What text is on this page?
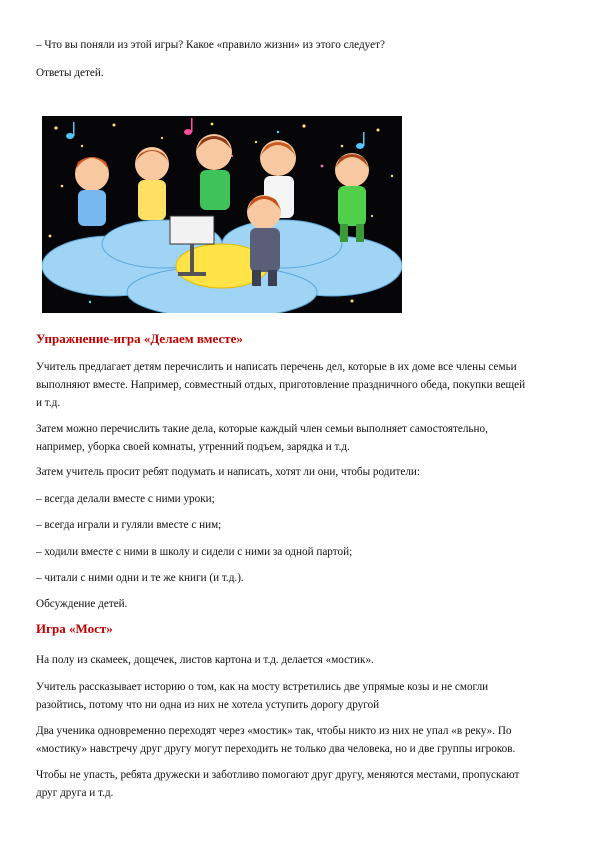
– Что вы поняли из этой игры? Какое «правило жизни» из этого следует?

Ответы детей.

Упражнение-игра «Делаем вместе»

Учитель предлагает детям перечислить и написать перечень дел, которые в их доме все члены семьи

выполняют вместе. Например, совместный отдых, приготовление праздничного обеда, покупки вещей

и т.д.

Затем можно перечислить такие дела, которые каждый член семьи выполняет самостоятельно,

например, уборка своей комнаты, утренний подъем, зарядка и т.д.

Затем учитель просит ребят подумать и написать, хотят ли они, чтобы родители:

– всегда делали вместе с ними уроки;

– всегда играли и гуляли вместе с ним;

– ходили вместе с ними в школу и сидели с ними за одной партой;

– читали с ними одни и те же книги (и т.д.).

Обсуждение детей.

Игра «Мост»

На полу из скамеек, дощечек, листов картона и т.д. делается «мостик».

Учитель рассказывает историю о том, как на мосту встретились две упрямые козы и не смогли

разойтись, потому что ни одна из них не хотела уступить дорогу другой

Два ученика одновременно переходят через «мостик» так, чтобы никто из них не упал «в реку». По

«мостику» навстречу друг другу могут переходить не только два человека, но и две группы игроков.

Чтобы не упасть, ребята дружески и заботливо помогают друг другу, меняются местами, пропускают

друг друга и т.д.
